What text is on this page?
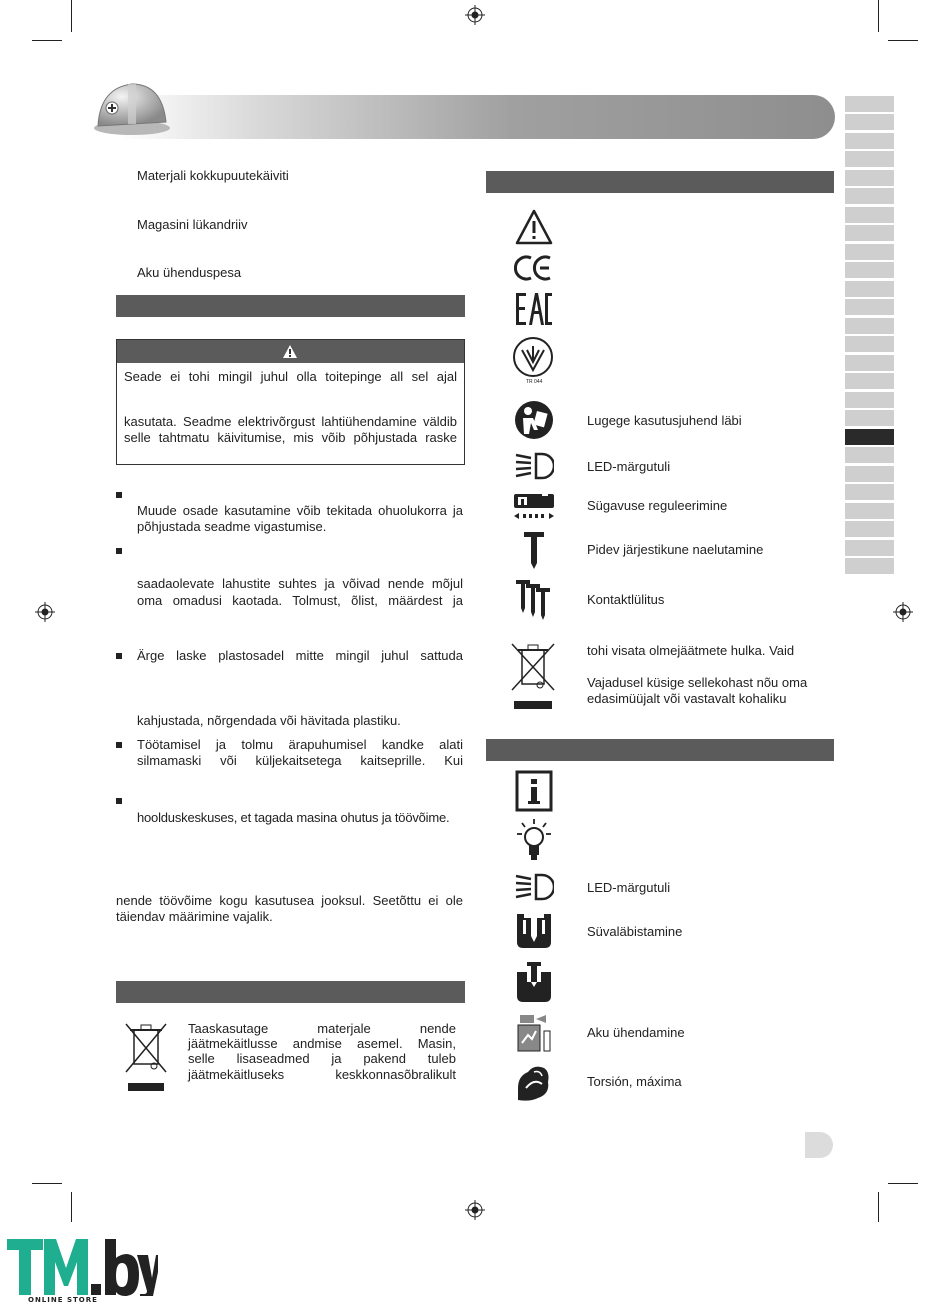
Materjali kokkupuutekäiviti
Magasini lükandriiv
Aku ühenduspesa
Seade ei tohi mingil juhul olla toitepinge all sel ajal
kasutata. Seadme elektrivõrgust lahtiühendamine väldib
selle tahtmatu käivitumise, mis võib põhjustada raske
Muude osade kasutamine võib tekitada ohuolukorra ja
põhjustada seadme vigastumise.
saadaolevate lahustite suhtes ja võivad nende mõjul
oma omadusi kaotada. Tolmust, õlist, määrdest ja
Ärge laske plastosadel mitte mingil juhul sattuda
kahjustada, nõrgendada või hävitada plastiku.
Töötamisel ja tolmu ärapuhumisel kandke alati
silmamaski või küljekaitsetega kaitseprille. Kui
hoolduskeskuses, et tagada masina ohutus ja töövõime.
nende töövõime kogu kasutusea jooksul. Seetõttu ei ole
täiendav määrimine vajalik.
Taaskasutage materjale nende
jäätmekäitlusse andmise asemel. Masin,
selle lisaseadmed ja pakend tuleb
jäätmekäitluseks keskkonnasõbralikult
TR 044
Lugege kasutusjuhend läbi
LED-märgutuli
Sügavuse reguleerimine
Pidev järjestikune naelutamine
Kontaktlülitus
tohi visata olmejäätmete hulka. Vaid
Vajadusel küsige sellekohast nõu oma
edasimüüjalt või vastavalt kohaliku
LED-märgutuli
Süvaläbistamine
Aku ühendamine
Torsión, máxima
ONLINE STORE
